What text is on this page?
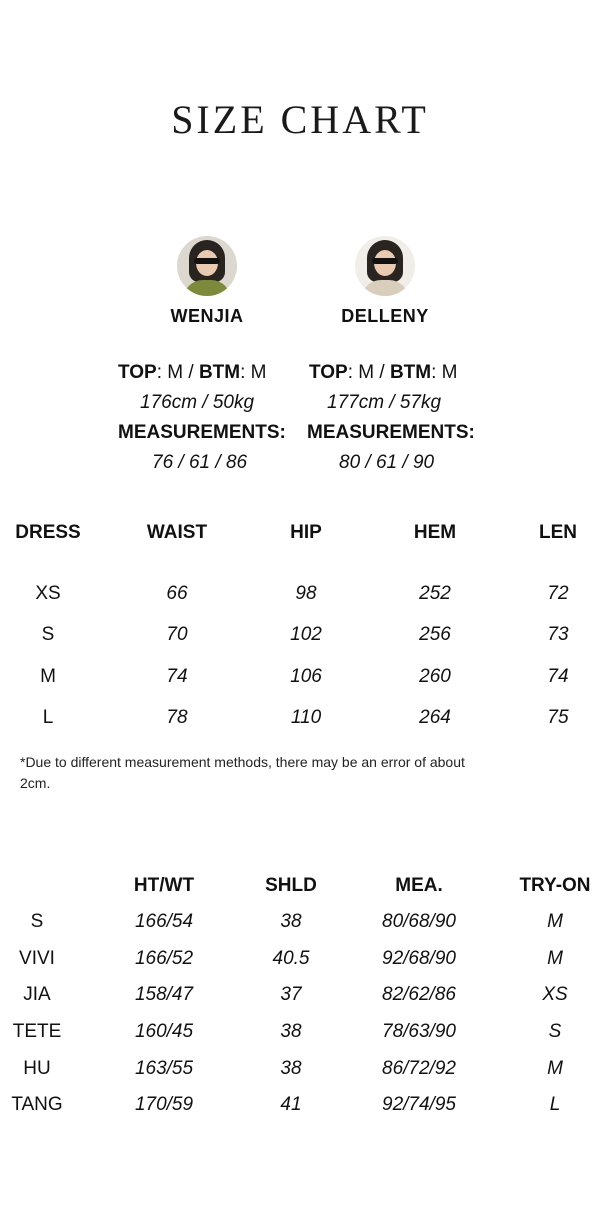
SIZE CHART
WENJIA	DELLENY
TOP: M / BTM: M
176cm / 50kg
MEASUREMENTS:
76 / 61 / 86
TOP: M / BTM: M
177cm / 57kg
MEASUREMENTS:
80 / 61 / 90
DRESS	WAIST	HIP	HEM	LEN

XS	66	98	252	72
S	70	102	256	73
M	74	106	260	74
L	78	110	264	75
*Due to different measurement methods, there may be an error of about 2cm.
	HT/WT	SHLD	MEA.	TRY-ON
S	166/54	38	80/68/90	M
VIVI	166/52	40.5	92/68/90	M
JIA	158/47	37	82/62/86	XS
TETE	160/45	38	78/63/90	S
HU	163/55	38	86/72/92	M
TANG	170/59	41	92/74/95	L
